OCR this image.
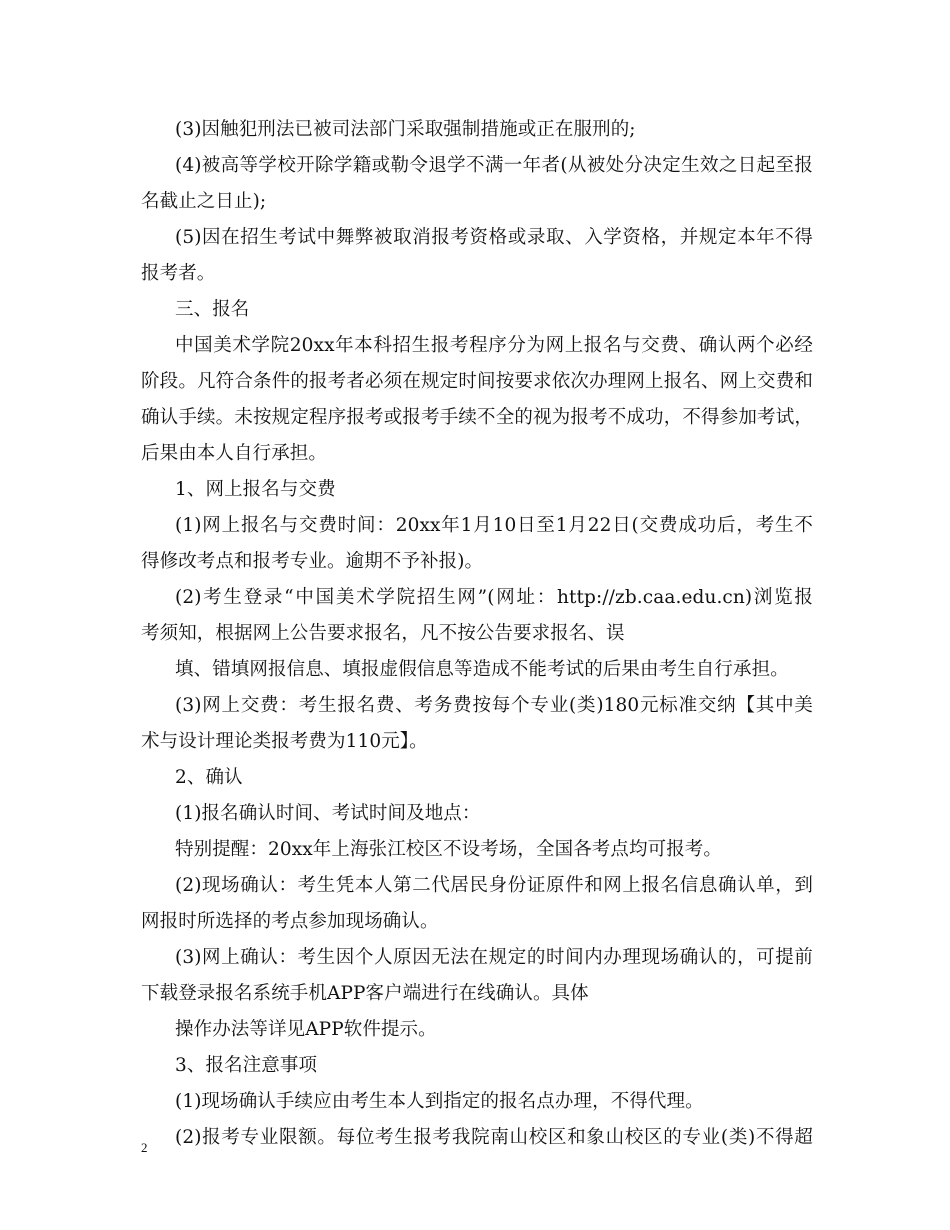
(3)因触犯刑法已被司法部门采取强制措施或正在服刑的;
(4)被高等学校开除学籍或勒令退学不满一年者(从被处分决定生效之日起至报
名截止之日止);
(5)因在招生考试中舞弊被取消报考资格或录取、入学资格，并规定本年不得
报考者。
三、报名
中国美术学院20xx年本科招生报考程序分为网上报名与交费、确认两个必经
阶段。凡符合条件的报考者必须在规定时间按要求依次办理网上报名、网上交费和
确认手续。未按规定程序报考或报考手续不全的视为报考不成功，不得参加考试，
后果由本人自行承担。
1、网上报名与交费
(1)网上报名与交费时间：20xx年1月10日至1月22日(交费成功后，考生不
得修改考点和报考专业。逾期不予补报)。
(2)考生登录“中国美术学院招生网”(网址：http://zb.caa.edu.cn)浏览报
考须知，根据网上公告要求报名，凡不按公告要求报名、误
填、错填网报信息、填报虚假信息等造成不能考试的后果由考生自行承担。
(3)网上交费：考生报名费、考务费按每个专业(类)180元标准交纳【其中美
术与设计理论类报考费为110元】。
2、确认
(1)报名确认时间、考试时间及地点：
特别提醒：20xx年上海张江校区不设考场，全国各考点均可报考。
(2)现场确认：考生凭本人第二代居民身份证原件和网上报名信息确认单，到
网报时所选择的考点参加现场确认。
(3)网上确认：考生因个人原因无法在规定的时间内办理现场确认的，可提前
下载登录报名系统手机APP客户端进行在线确认。具体
操作办法等详见APP软件提示。
3、报名注意事项
(1)现场确认手续应由考生本人到指定的报名点办理，不得代理。
(2)报考专业限额。每位考生报考我院南山校区和象山校区的专业(类)不得超
2
